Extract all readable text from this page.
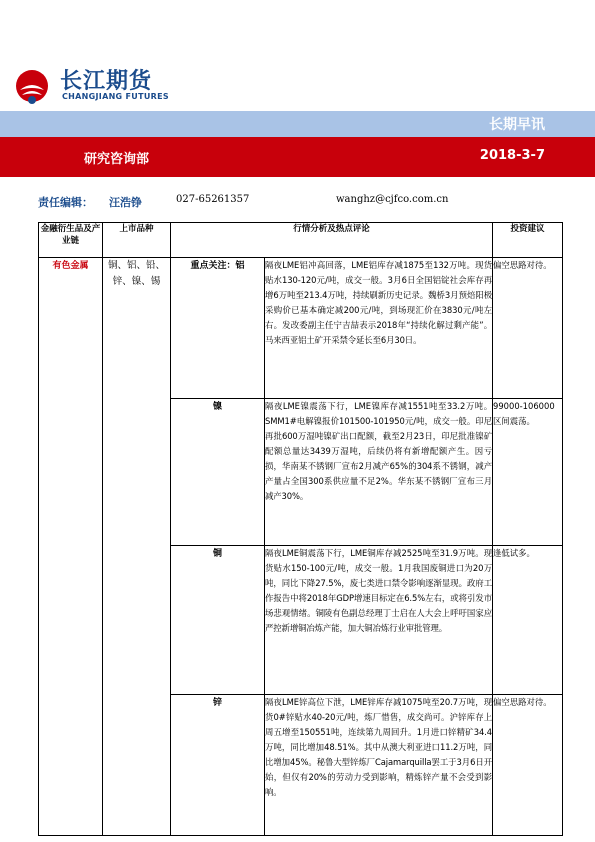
长江期货
CHANGJIANG FUTURES
长期早讯
研究咨询部	2018-3-7
责任编辑： 汪浩铮	027-65261357	wanghz@cjfco.com.cn
金融衍生品及产业链	上市品种	行情分析及热点评论		投资建议
有色金属	铜、铝、铅、锌、镍、锡	重点关注：铝	隔夜LME铝冲高回落，LME铝库存减1875至132万吨。现货贴水130-120元/吨，成交一般。3月6日全国铝锭社会库存再增6万吨至213.4万吨，持续刷新历史记录。魏桥3月预焙阳极采购价已基本确定减200元/吨，到场现汇价在3830元/吨左右。发改委副主任宁吉喆表示2018年“持续化解过剩产能”。马来西亚铝土矿开采禁令延长至6月30日。	偏空思路对待。
		镍	隔夜LME镍震荡下行，LME镍库存减1551吨至33.2万吨。SMM1#电解镍报价101500-101950元/吨，成交一般。印尼再批600万湿吨镍矿出口配额，截至2月23日，印尼批准镍矿配额总量达3439万湿吨，后续仍将有新增配额产生。因亏损，华南某不锈钢厂宣布2月减产65%的304系不锈钢，减产产量占全国300系供应量不足2%。华东某不锈钢厂宣布三月减产30%。	99000-106000区间震荡。
		铜	隔夜LME铜震荡下行，LME铜库存减2525吨至31.9万吨。现货贴水150-100元/吨，成交一般。1月我国废铜进口为20万吨，同比下降27.5%，废七类进口禁令影响逐渐显现。政府工作报告中将2018年GDP增速目标定在6.5%左右，或将引发市场悲观情绪。铜陵有色副总经理丁士启在人大会上呼吁国家应严控新增铜冶炼产能，加大铜冶炼行业审批管理。	逢低试多。
		锌	隔夜LME锌高位下泄，LME锌库存减1075吨至20.7万吨，现货0#锌贴水40-20元/吨，炼厂惜售，成交尚可。沪锌库存上周五增至150551吨，连续第九周回升。1月进口锌精矿34.4万吨，同比增加48.51%。其中从澳大利亚进口11.2万吨，同比增加45%。秘鲁大型锌炼厂Cajamarquilla罢工于3月6日开始，但仅有20%的劳动力受到影响，精炼锌产量不会受到影响。	偏空思路对待。
